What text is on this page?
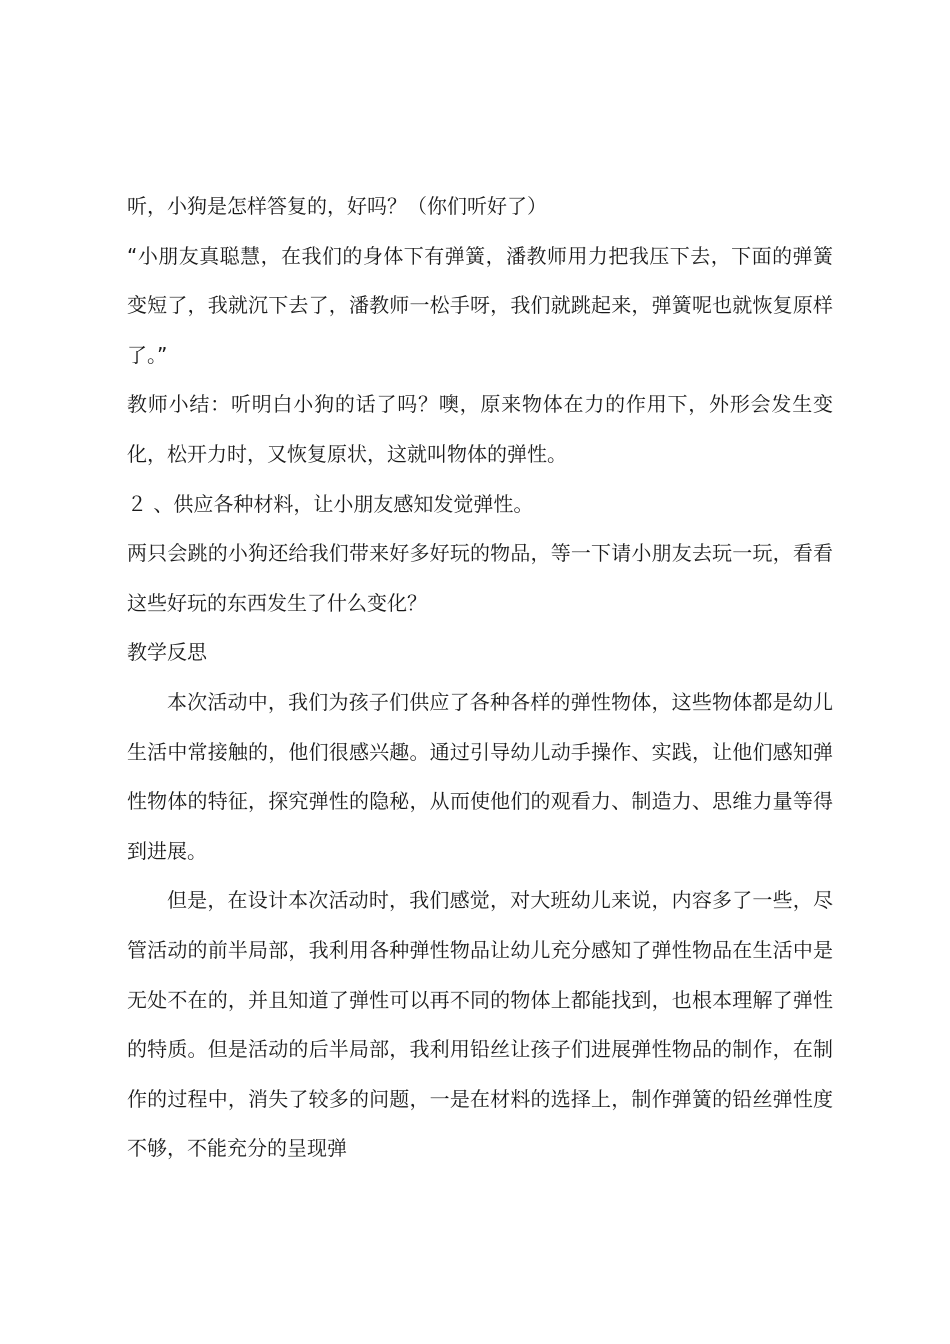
听，小狗是怎样答复的，好吗？（你们听好了）

“小朋友真聪慧，在我们的身体下有弹簧，潘教师用力把我压下去，下面的弹簧变短了，我就沉下去了，潘教师一松手呀，我们就跳起来，弹簧呢也就恢复原样了。”

教师小结：听明白小狗的话了吗？噢，原来物体在力的作用下，外形会发生变化，松开力时，又恢复原状，这就叫物体的弹性。

２ 、供应各种材料，让小朋友感知发觉弹性。

两只会跳的小狗还给我们带来好多好玩的物品，等一下请小朋友去玩一玩，看看这些好玩的东西发生了什么变化？

教学反思

本次活动中，我们为孩子们供应了各种各样的弹性物体，这些物体都是幼儿生活中常接触的，他们很感兴趣。通过引导幼儿动手操作、实践，让他们感知弹性物体的特征，探究弹性的隐秘，从而使他们的观看力、制造力、思维力量等得到进展。

但是，在设计本次活动时，我们感觉，对大班幼儿来说，内容多了一些，尽管活动的前半局部，我利用各种弹性物品让幼儿充分感知了弹性物品在生活中是无处不在的，并且知道了弹性可以再不同的物体上都能找到，也根本理解了弹性的特质。但是活动的后半局部，我利用铅丝让孩子们进展弹性物品的制作，在制作的过程中，消失了较多的问题，一是在材料的选择上，制作弹簧的铅丝弹性度不够，不能充分的呈现弹
